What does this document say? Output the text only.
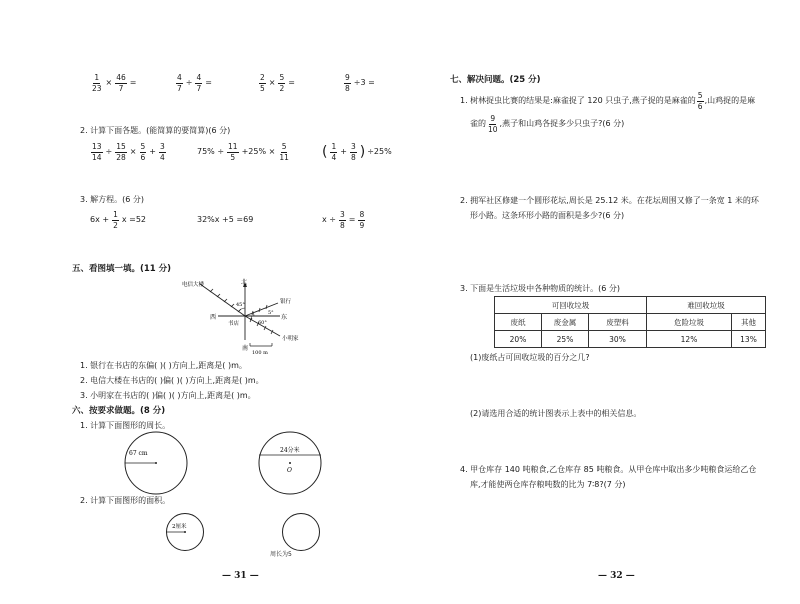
$\frac{1}{23} \times \frac{46}{7}$ =	$\frac{4}{7} \div \frac{4}{7}$ =	$\frac{2}{5} \times \frac{5}{2}$ =	$\frac{9}{8} \div 3$ =
2. 计算下面各题。(能简算的要简算)(6 分)
$\frac{13}{14} \div \frac{15}{28} \times \frac{5}{6} + \frac{3}{4}$	$75\% \div \frac{11}{5} +25\% \times \frac{5}{11}$ ( $\frac{1}{4} + \frac{3}{8}$ ) ÷25%
3. 解方程。(6 分)
$6x + \frac{1}{2}$ x =52	32%x +5 =69	$x \div \frac{3}{8} = \frac{8}{9}$
五、看图填一填。(11 分)
北
南
东
西
电信大楼
银行
书店
小明家
45°
5°
60°
100 m
1. 银行在书店的东偏( )( )方向上,距离是( )m。
2. 电信大楼在书店的( )偏( )( )方向上,距离是( )m。
3. 小明家在书店的( )偏( )( )方向上,距离是( )m。
六、按要求做题。(8 分)
1. 计算下面图形的周长。
67 cm	24分米
O
2. 计算下面图形的面积。
2厘米
周长为5
— 31 —
七、解决问题。(25 分)
1. 树林捉虫比赛的结果是:麻雀捉了 120 只虫子,燕子捉的是麻雀的 $\frac{5}{6}$ ,山鸡捉的是麻
雀的 $\frac{9}{10}$ ,燕子和山鸡各捉多少只虫子?(6 分)
2. 拥军社区修建一个圆形花坛,周长是 25.12 米。在花坛周围又修了一条宽 1 米的环
形小路。这条环形小路的面积是多少?(6 分)
3. 下面是生活垃圾中各种物质的统计。(6 分)
可回收垃圾			难回收垃圾	
废纸	废金属	废塑料	危险垃圾	其他
20%	25%	30%	12%	13%
(1)废纸占可回收垃圾的百分之几?
(2)请选用合适的统计图表示上表中的相关信息。
4. 甲仓库存 140 吨粮食,乙仓库存 85 吨粮食。从甲仓库中取出多少吨粮食运给乙仓
库,才能使两仓库存粮吨数的比为 7∶8?(7 分)
— 32 —
